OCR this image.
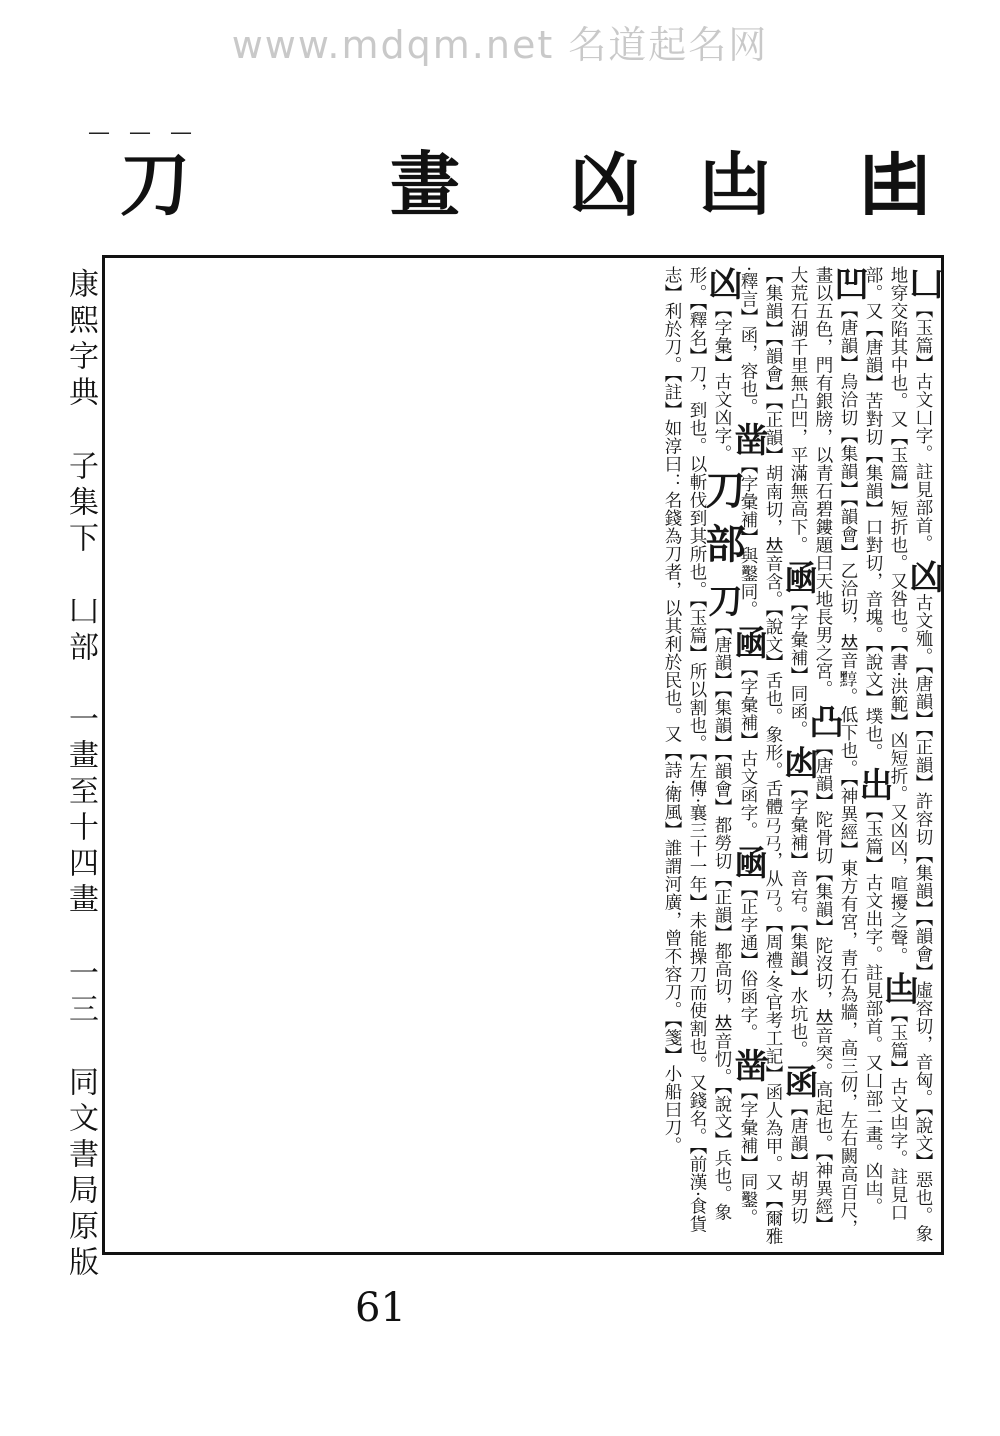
www.mdqm.net 名道起名网
— — —
𠙹
凷
凶
畫
刀
康熙字典 子集下 凵部　一畫至十四畫 一三 同文書局原版
凵【玉篇】古文凵字。註見部首。 凶古文殈。【唐韻】【正韻】許容切【集韻】【韻會】虛容切，音匈。【說文】惡也。象地穿交陷其中也。又【玉篇】短折也。又咎也。【書·洪範】凶短折。又凶凶，喧擾之聲。 凷【玉篇】古文凷字。註見口部。又【唐韻】苦對切【集韻】口對切，音塊。【說文】墣也。 出【玉篇】古文出字。註見部首。又凵部二畫。凶凷。 凹【唐韻】烏洽切【集韻】【韻會】乙洽切，𠀤音𪑒。低下也。【神異經】東方有宮，青石為牆，高三仞，左右闕高百尺，畫以五色，門有銀牓，以青石碧鏤題曰天地長男之宮。 凸【唐韻】陀骨切【集韻】陀沒切，𠀤音突。高起也。【神異經】大荒石湖千里無凸凹，平滿無高下。 凾【字彙補】同函。 凼【字彙補】音宕。【集韻】水坑也。 函【唐韻】胡男切【集韻】【韻會】【正韻】胡南切，𠀤音含。【說文】舌也。象形。舌體𢎘𢎘，从𢎘。【周禮·冬官考工記】函人為甲。又【爾雅·釋言】函，容也。 凿【字彙補】與鑿同。 凾【字彙補】古文函字。 凾【正字通】俗函字。 凿【字彙補】同鑿。 凶【字彙】古文凶字。 刀部 刀【唐韻】【集韻】【韻會】都勞切【正韻】都高切，𠀤音忉。【說文】兵也。象形。【釋名】刀，到也。以斬伐到其所也。【玉篇】所以割也。【左傳·襄三十一年】未能操刀而使割也。又錢名。【前漢·食貨志】利於刀。【註】如淳曰：名錢為刀者，以其利於民也。又【詩·衛風】誰謂河廣，曾不容刀。【箋】小船曰刀。
61
